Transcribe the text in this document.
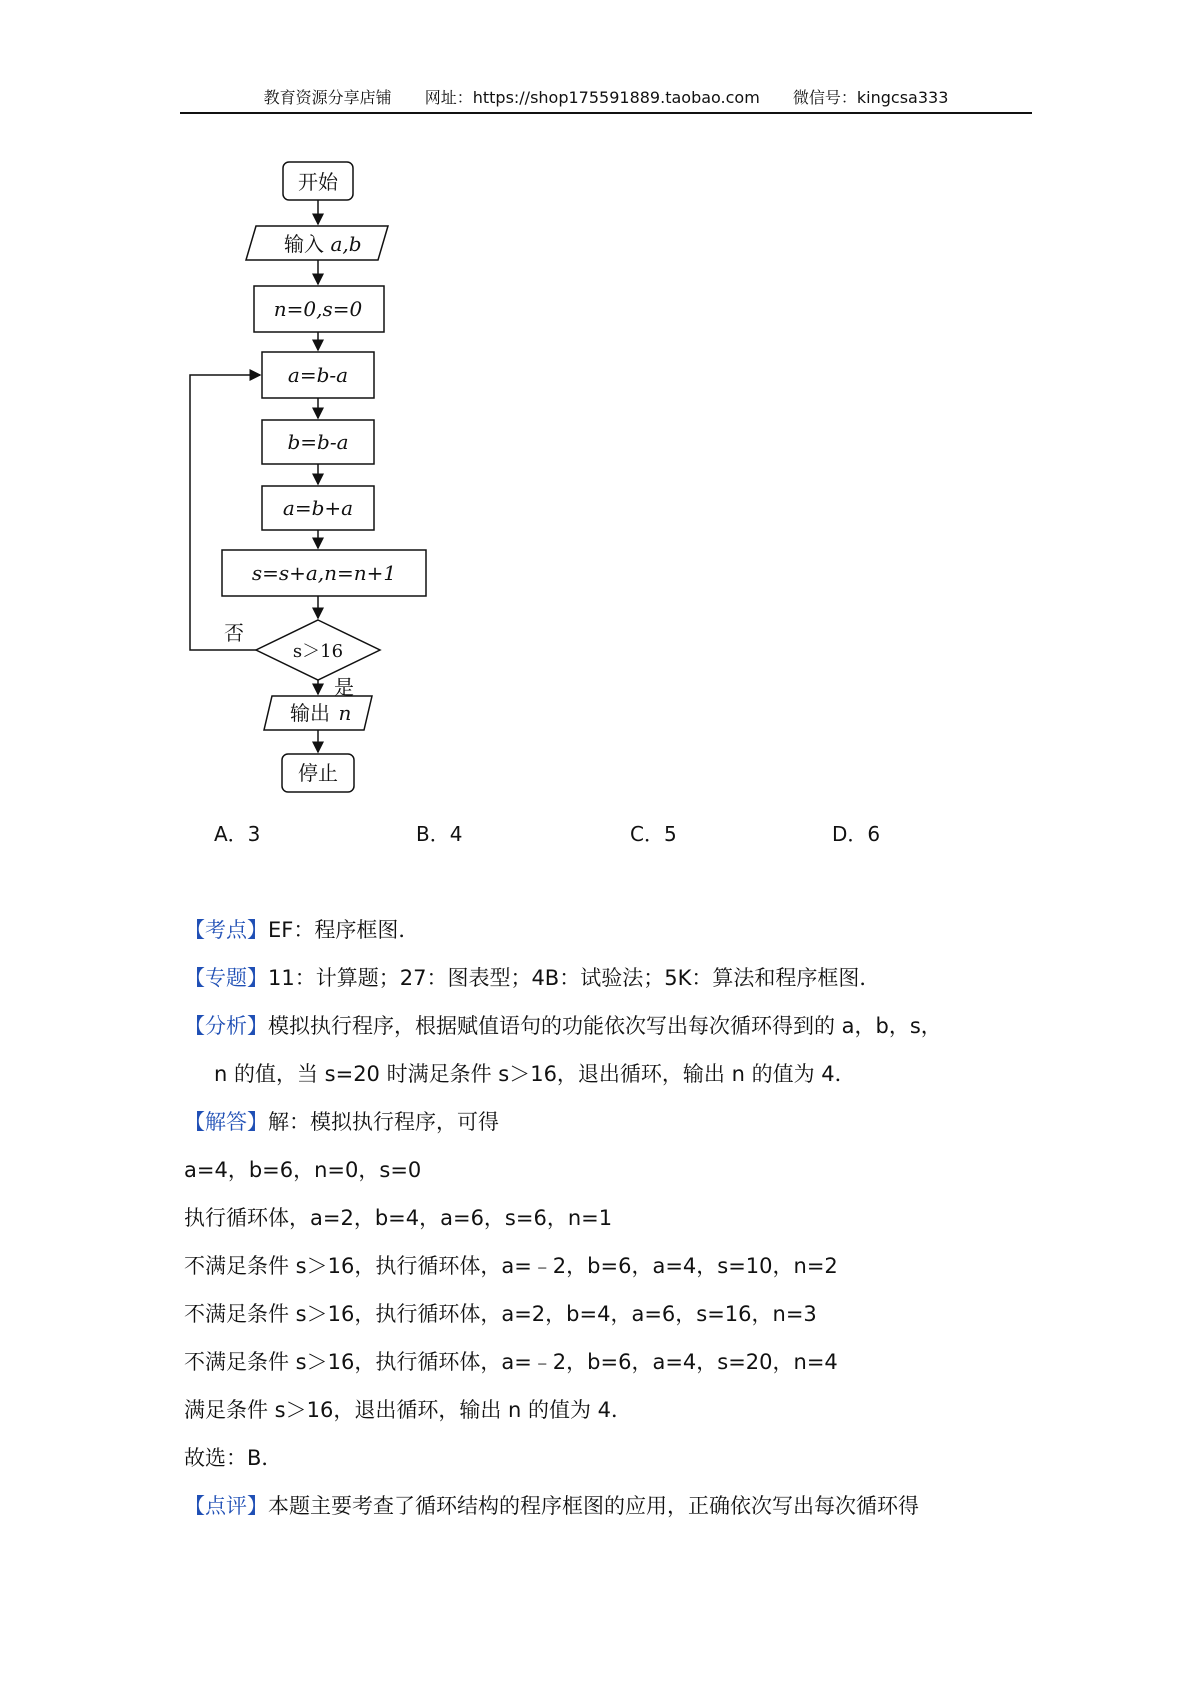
教育资源分享店铺 网址：https://shop175591889.taobao.com 微信号：kingcsa333
开始
输入 a,b
n=0,s=0
a=b-a
b=b-a
a=b+a
s=s+a,n=n+1
s＞16
否
是
输出 n
停止
A．3	B．4	C．5	D．6
【考点】EF：程序框图．
【专题】11：计算题；27：图表型；4B：试验法；5K：算法和程序框图．
【分析】模拟执行程序，根据赋值语句的功能依次写出每次循环得到的 a，b，s，
n 的值，当 s=20 时满足条件 s＞16，退出循环，输出 n 的值为 4．
【解答】解：模拟执行程序，可得
a=4，b=6，n=0，s=0
执行循环体，a=2，b=4，a=6，s=6，n=1
不满足条件 s＞16，执行循环体，a=﹣2，b=6，a=4，s=10，n=2
不满足条件 s＞16，执行循环体，a=2，b=4，a=6，s=16，n=3
不满足条件 s＞16，执行循环体，a=﹣2，b=6，a=4，s=20，n=4
满足条件 s＞16，退出循环，输出 n 的值为 4．
故选：B．
【点评】本题主要考查了循环结构的程序框图的应用，正确依次写出每次循环得
